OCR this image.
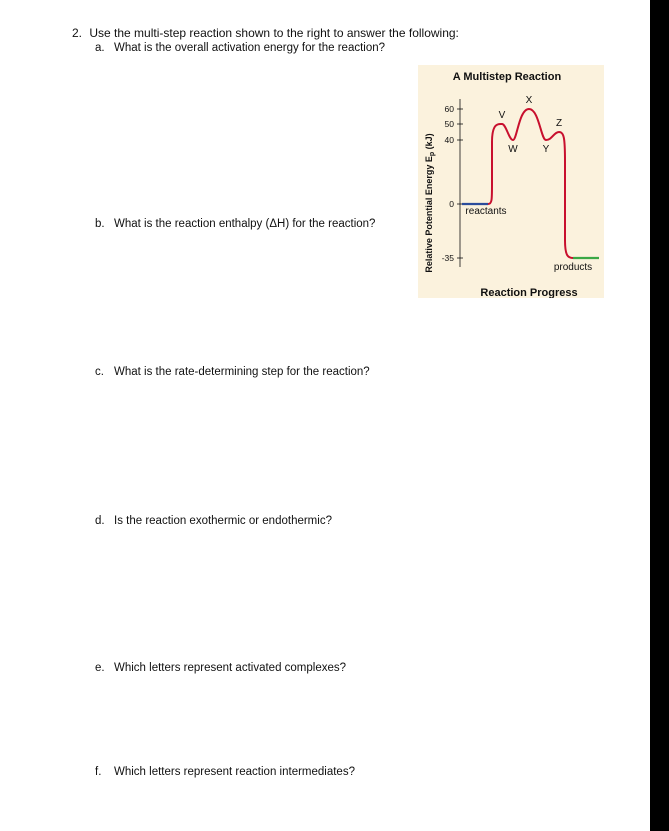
2. Use the multi-step reaction shown to the right to answer the following:
a. What is the overall activation energy for the reaction?
b. What is the reaction enthalpy (ΔH) for the reaction?
c. What is the rate-determining step for the reaction?
d. Is the reaction exothermic or endothermic?
e. Which letters represent activated complexes?
f. Which letters represent reaction intermediates?
A Multistep Reaction
Relative Potential Energy $E_p$ (kJ)
60
50
40
0
-35
V
W
X
Y
Z
reactants
products
Reaction Progress
